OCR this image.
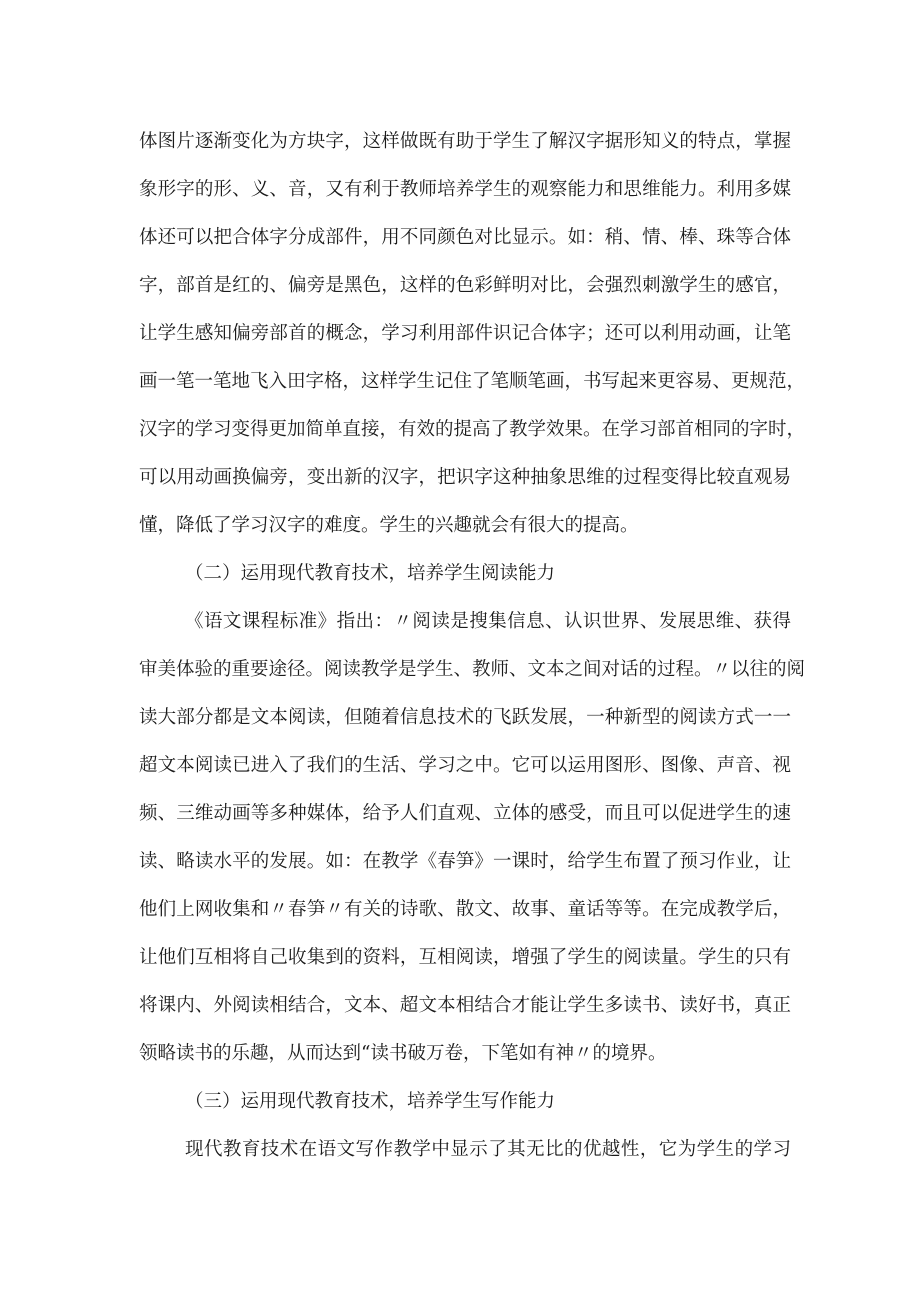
体图片逐渐变化为方块字，这样做既有助于学生了解汉字据形知义的特点，掌握
象形字的形、义、音，又有利于教师培养学生的观察能力和思维能力。利用多媒
体还可以把合体字分成部件，用不同颜色对比显示。如：稍、情、棒、珠等合体
字，部首是红的、偏旁是黑色，这样的色彩鲜明对比，会强烈刺激学生的感官，
让学生感知偏旁部首的概念，学习利用部件识记合体字；还可以利用动画，让笔
画一笔一笔地飞入田字格，这样学生记住了笔顺笔画，书写起来更容易、更规范，
汉字的学习变得更加简单直接，有效的提高了教学效果。在学习部首相同的字时，
可以用动画换偏旁，变出新的汉字，把识字这种抽象思维的过程变得比较直观易
懂，降低了学习汉字的难度。学生的兴趣就会有很大的提高。
（二）运用现代教育技术，培养学生阅读能力
《语文课程标准》指出：〃阅读是搜集信息、认识世界、发展思维、获得
审美体验的重要途径。阅读教学是学生、教师、文本之间对话的过程。〃以往的阅
读大部分都是文本阅读，但随着信息技术的飞跃发展，一种新型的阅读方式一一
超文本阅读已进入了我们的生活、学习之中。它可以运用图形、图像、声音、视
频、三维动画等多种媒体，给予人们直观、立体的感受，而且可以促进学生的速
读、略读水平的发展。如：在教学《春笋》一课时，给学生布置了预习作业，让
他们上网收集和〃春笋〃有关的诗歌、散文、故事、童话等等。在完成教学后，
让他们互相将自己收集到的资料，互相阅读，增强了学生的阅读量。学生的只有
将课内、外阅读相结合，文本、超文本相结合才能让学生多读书、读好书，真正
领略读书的乐趣，从而达到“读书破万卷，下笔如有神〃的境界。
（三）运用现代教育技术，培养学生写作能力
现代教育技术在语文写作教学中显示了其无比的优越性，它为学生的学习
